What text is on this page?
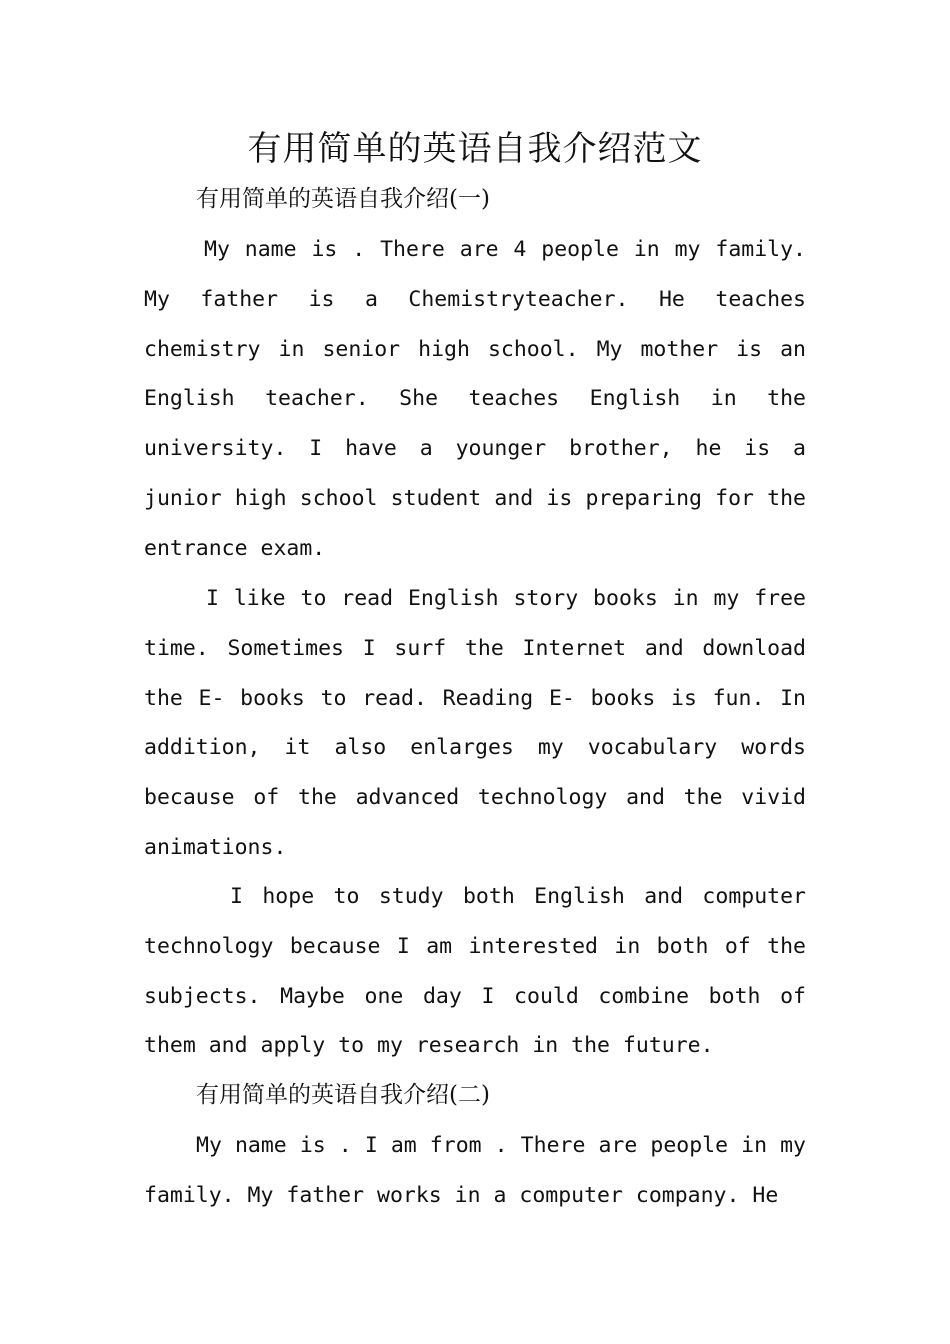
有用简单的英语自我介绍范文
有用简单的英语自我介绍(一)

My name is . There are 4 people in my family. My father is a Chemistryteacher. He teaches chemistry in senior high school. My mother is an English teacher. She teaches English in the university. I have a younger brother, he is a junior high school student and is preparing for the entrance exam.

I like to read English story books in my free time. Sometimes I surf the Internet and download the E- books to read. Reading E- books is fun. In addition, it also enlarges my vocabulary words because of the advanced technology and the vivid animations.

I hope to study both English and computer technology because I am interested in both of the subjects. Maybe one day I could combine both of them and apply to my research in the future.

有用简单的英语自我介绍(二)

My name is . I am from . There are people in my family. My father works in a computer company. He
